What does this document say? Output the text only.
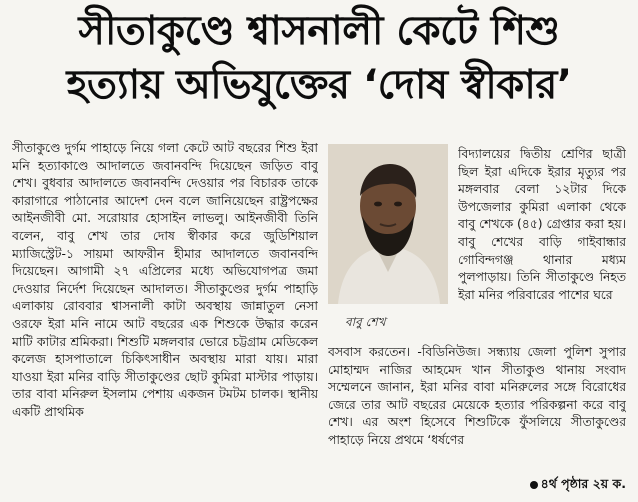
সীতাকুণ্ডে শ্বাসনালী কেটে শিশু
হত্যায় অভিযুক্তের ‘দোষ স্বীকার’
সীতাকুণ্ডে দুর্গম পাহাড়ে নিয়ে গলা কেটে আট বছরের শিশু ইরা মনি হত্যাকাণ্ডে আদালতে জবানবন্দি দিয়েছেন জড়িত বাবু শেখ। বুধবার আদালতে জবানবন্দি দেওয়ার পর বিচারক তাকে কারাগারে পাঠানোর আদেশ দেন বলে জানিয়েছেন রাষ্ট্রপক্ষের আইনজীবী মো. সরোয়ার হোসাইন লাভলু। আইনজীবী তিনি বলেন, বাবু শেখ তার দোষ স্বীকার করে জুডিশিয়াল ম্যাজিস্ট্রেট-১ সায়মা আফরীন হীমার আদালতে জবানবন্দি দিয়েছেন। আগামী ২৭ এপ্রিলের মধ্যে অভিযোগপত্র জমা দেওয়ার নির্দেশ দিয়েছেন আদালত। সীতাকুণ্ডের দুর্গম পাহাড়ি এলাকায় রোববার শ্বাসনালী কাটা অবস্থায় জান্নাতুল নেসা ওরফে ইরা মনি নামে আট বছরের এক শিশুকে উদ্ধার করেন মাটি কাটার শ্রমিকরা। শিশুটি মঙ্গলবার ভোরে চট্টগ্রাম মেডিকেল কলেজ হাসপাতালে চিকিৎসাধীন অবস্থায় মারা যায়। মারা যাওয়া ইরা মনির বাড়ি সীতাকুণ্ডের ছোট কুমিরা মাস্টার পাড়ায়। তার বাবা মনিরুল ইসলাম পেশায় একজন টমটম চালক। স্থানীয় একটি প্রাথমিক
বাবু শেখ
বিদ্যালয়ের দ্বিতীয় শ্রেণির ছাত্রী ছিল ইরা এদিকে ইরার মৃত্যুর পর মঙ্গলবার বেলা ১২টার দিকে উপজেলার কুমিরা এলাকা থেকে বাবু শেখকে (৪৫) গ্রেপ্তার করা হয়। বাবু শেখের বাড়ি গাইবান্ধার গোবিন্দগঞ্জ থানার মধ্যম পুলপাড়ায়। তিনি সীতাকুণ্ডে নিহত ইরা মনির পরিবারের পাশের ঘরে
বসবাস করতেন। -বিডিনিউজ। সন্ধ্যায় জেলা পুলিশ সুপার মোহাম্মদ নাজির আহমেদ খান সীতাকুণ্ড থানায় সংবাদ সম্মেলনে জানান, ইরা মনির বাবা মনিরুলের সঙ্গে বিরোধের জেরে তার আট বছরের মেয়েকে হত্যার পরিকল্পনা করে বাবু শেখ। এর অংশ হিসেবে শিশুটিকে ফুঁসলিয়ে সীতাকুণ্ডের পাহাড়ে নিয়ে প্রথমে ‘ধর্ষণের
৪র্থ পৃষ্ঠার ২য় ক.
